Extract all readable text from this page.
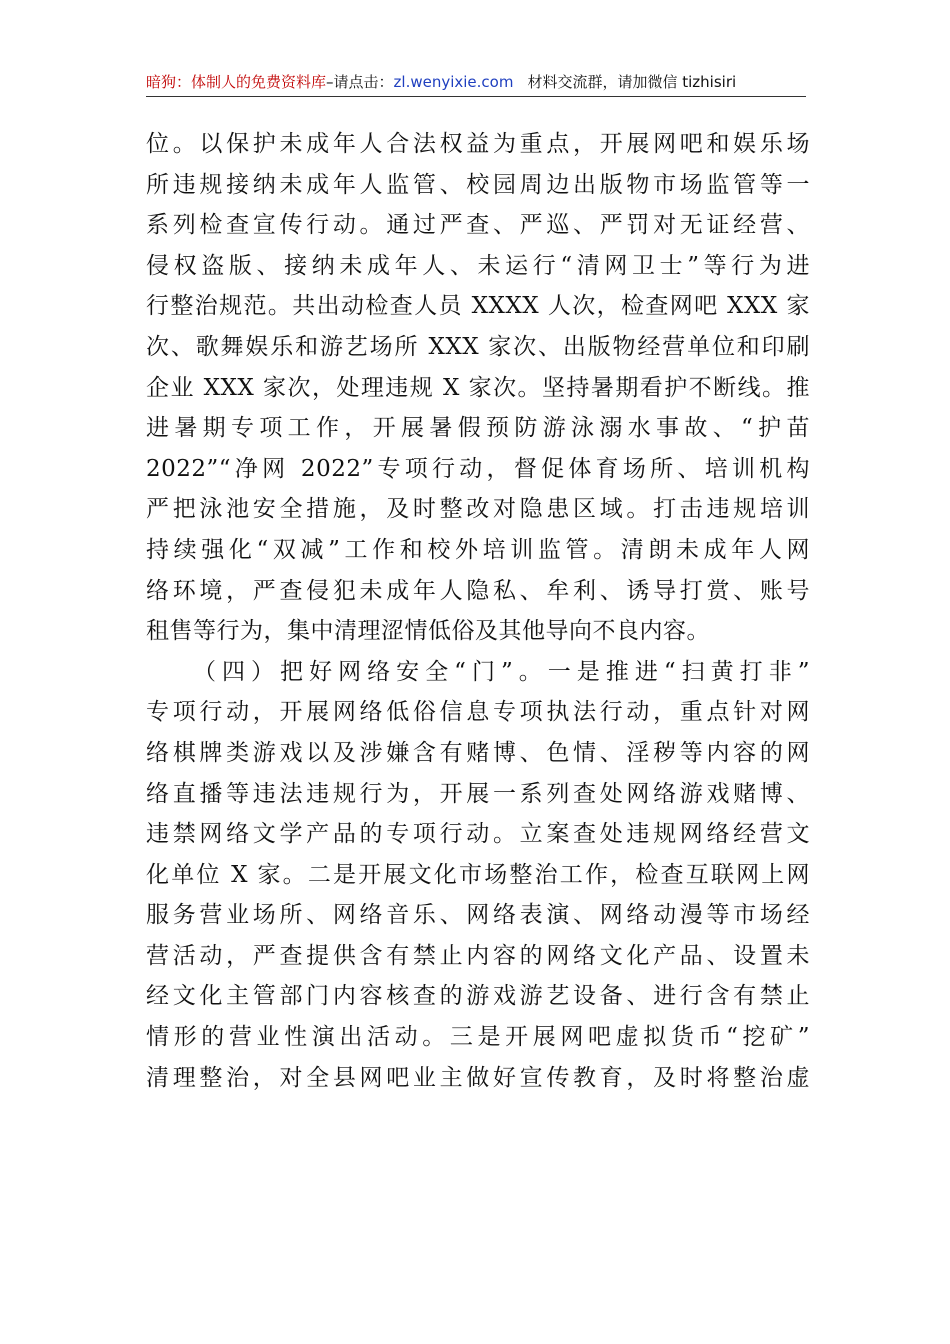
暗狗：体制人的免费资料库–请点击：zl.wenyixie.com 材料交流群，请加微信 tizhisiri
位。以保护未成年人合法权益为重点，开展网吧和娱乐场
所违规接纳未成年人监管、校园周边出版物市场监管等一
系列检查宣传行动。通过严查、严巡、严罚对无证经营、
侵权盗版、接纳未成年人、未运行“清网卫士”等行为进
行整治规范。共出动检查人员 XXXX 人次，检查网吧 XXX 家
次、歌舞娱乐和游艺场所 XXX 家次、出版物经营单位和印刷
企业 XXX 家次，处理违规 X 家次。坚持暑期看护不断线。推
进暑期专项工作，开展暑假预防游泳溺水事故、“护苗
2022”“净网 2022”专项行动，督促体育场所、培训机构
严把泳池安全措施，及时整改对隐患区域。打击违规培训
持续强化“双减”工作和校外培训监管。清朗未成年人网
络环境，严查侵犯未成年人隐私、牟利、诱导打赏、账号
租售等行为，集中清理涩情低俗及其他导向不良内容。
（四）把好网络安全“门”。一是推进“扫黄打非”
专项行动，开展网络低俗信息专项执法行动，重点针对网
络棋牌类游戏以及涉嫌含有赌博、色情、淫秽等内容的网
络直播等违法违规行为，开展一系列查处网络游戏赌博、
违禁网络文学产品的专项行动。立案查处违规网络经营文
化单位 X 家。二是开展文化市场整治工作，检查互联网上网
服务营业场所、网络音乐、网络表演、网络动漫等市场经
营活动，严查提供含有禁止内容的网络文化产品、设置未
经文化主管部门内容核查的游戏游艺设备、进行含有禁止
情形的营业性演出活动。三是开展网吧虚拟货币“挖矿”
清理整治，对全县网吧业主做好宣传教育，及时将整治虚
